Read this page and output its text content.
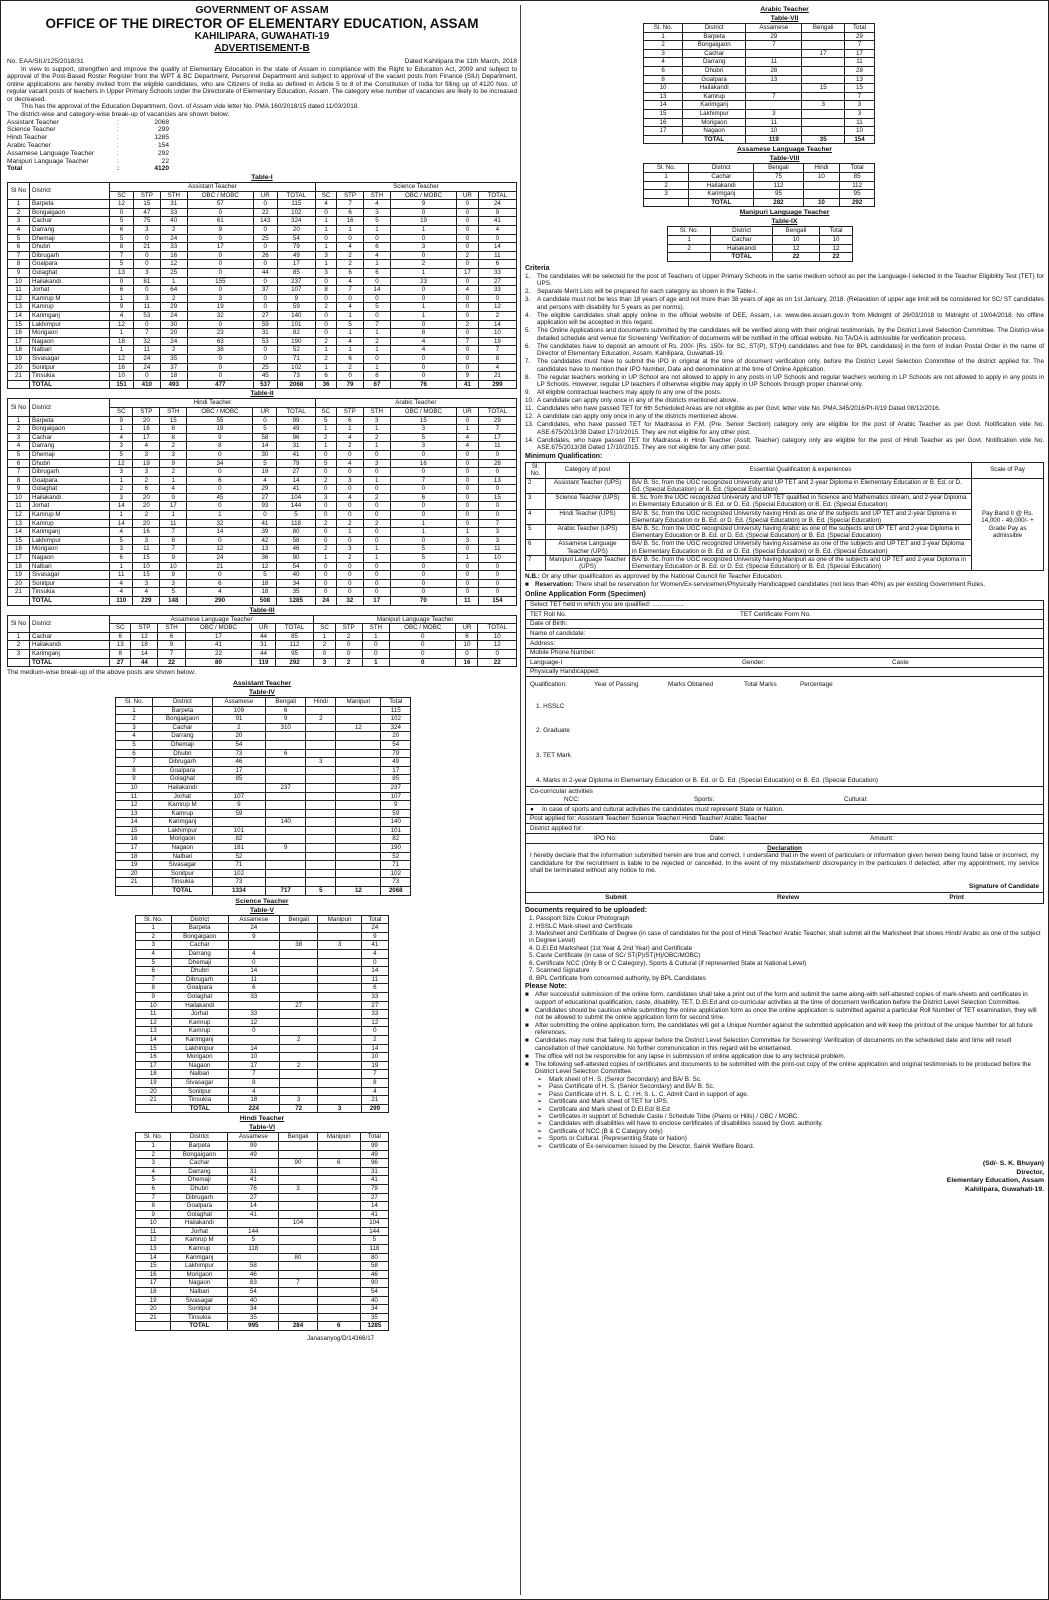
GOVERNMENT OF ASSAM
OFFICE OF THE DIRECTOR OF ELEMENTARY EDUCATION, ASSAM
KAHILIPARA, GUWAHATI-19
ADVERTISEMENT-B
No. EAA/SIU/125/2018/31	Dated Kahilipara the 11th March, 2018

In view to support, strengthen and improve the quality of Elementary Education in the state of Assam in compliance with the Right to Education Act, 2009 and subject to approval of the Post-Based Roster Register from the WPT & BC Department, Personnel Department and subject to approval of the vacant posts from Finance (SIU) Department, online applications are hereby invited from the eligible candidates, who are Citizens of India as defined in Article 5 to 8 of the Constitution of India for filling up of 4120 Nos. of regular vacant posts of teachers in Upper Primary Schools under the Directorate of Elementary Education, Assam. The category wise number of vacancies are likely to be increased or decreased.

This has the approval of the Education Department, Govt. of Assam vide letter No. PMA.160/2018/15 dated 11/03/2018.

The district-wise and category-wise break-up of vacancies are shown below:
Assistant Teacher	:	2068
Science Teacher	:	299
Hindi Teacher	:	1285
Arabic Teacher	:	154
Assamese Language Teacher	:	292
Manipuri Language Teacher	:	22
Total	:	4120
Table-I
Sl No	District	Assistant Teacher						Science Teacher					
		SC	STP	STH	OBC / MOBC	UR	TOTAL	SC	STP	STH	OBC / MOBC	UR	TOTAL
1	Barpeta	12	15	31	57	0	115	4	7	4	9	0	24
2	Bongaigaon	0	47	33	0	22	102	0	6	3	0	0	9
3	Cachar	5	75	40	61	143	324	1	16	5	19	0	41
4	Darrang	6	3	2	9	0	20	1	1	1	1	0	4
5	Dhemaji	5	0	24	0	25	54	0	0	0	0	0	0
6	Dhubri	8	21	33	17	0	79	1	4	6	3	0	14
7	Dibrugarh	7	0	16	0	26	49	3	2	4	0	2	11
8	Goalpara	5	0	12	0	0	17	1	2	1	2	0	6
9	Golaghat	13	3	25	0	44	85	3	6	6	1	17	33
10	Hailakandi	0	81	1	155	0	237	0	4	0	23	0	27
11	Jorhat	6	0	64	0	37	107	8	7	14	0	4	33
12	Kamrup M	1	3	2	3	0	9	0	0	0	0	0	0
13	Kamrup	9	11	29	19	0	59	2	4	5	1	0	12
14	Karimganj	4	53	24	32	27	140	0	1	0	1	0	2
15	Lakhimpur	12	0	30	0	59	101	0	5	7	0	2	14
16	Morigaon	1	7	20	23	31	82	0	1	1	8	0	10
17	Nagaon	18	32	24	63	53	190	2	4	2	4	7	19
18	Nalbari	1	11	2	38	0	52	1	1	1	4	0	7
19	Sivasagar	12	24	35	0	0	71	2	6	0	0	0	8
20	Sonitpur	16	24	37	0	25	102	1	2	1	0	0	4
21	Tinsukia	10	0	18	0	45	73	6	0	6	0	9	21
	TOTAL	151	410	493	477	537	2068	36	79	67	76	41	299
Table-II
Sl No	District	Hindi Teacher						Arabic Teacher					
		SC	STP	STH	OBC / MOBC	UR	TOTAL	SC	STP	STH	OBC / MOBC	UR	TOTAL
1	Barpeta	9	20	15	55	0	99	5	6	3	15	0	29
2	Bongaigaon	1	16	8	19	5	49	1	1	1	3	1	7
3	Cachar	4	17	8	9	58	96	2	4	2	5	4	17
4	Darrang	3	4	2	8	14	31	1	2	1	3	4	11
5	Dhemaji	5	3	3	0	30	41	0	0	0	0	0	0
6	Dhubri	12	19	9	34	5	79	5	4	3	16	0	28
7	Dibrugarh	3	3	2	0	19	27	0	0	0	0	0	0
8	Goalpara	1	2	1	6	4	14	2	3	1	7	0	13
9	Golaghat	2	6	4	0	29	41	0	0	0	0	0	0
10	Hailakandi	3	20	9	45	27	104	3	4	2	6	0	15
11	Jorhat	14	20	17	0	93	144	0	0	0	0	0	0
12	Kamrup M	1	2	1	1	0	5	0	0	0	0	0	0
13	Kamrup	14	20	11	32	41	118	2	2	2	1	0	7
14	Karimganj	4	16	7	14	39	80	0	1	0	1	1	3
15	Lakhimpur	5	3	8	0	42	58	0	0	0	0	3	3
16	Morigaon	3	11	7	12	13	46	2	3	1	5	0	11
17	Nagaon	6	15	9	24	36	90	1	2	1	5	1	10
18	Nalbari	1	10	10	21	12	54	0	0	0	0	0	0
19	Sivasagar	11	15	9	0	5	40	0	0	0	0	0	0
20	Sonitpur	4	3	3	6	18	34	0	0	0	0	0	0
21	Tinsukia	4	4	5	4	18	35	0	0	0	0	0	0
	TOTAL	110	229	148	290	508	1285	24	32	17	70	11	154
Table-III
Sl No	District	Assamese Language Teacher						Manipuri Language Teacher					
		SC	STP	STH	OBC / MOBC	UR	TOTAL	SC	STP	STH	OBC / MOBC	UR	TOTAL
1	Cachar	6	12	6	17	44	85	1	2	1	0	6	10
2	Hailakandi	13	18	9	41	31	112	2	0	0	0	10	12
3	Karimganj	8	14	7	22	44	95	0	0	0	0	0	0
	TOTAL	27	44	22	80	119	292	3	2	1	0	16	22
The medium-wise break-up of the above posts are shown below:
Assistant Teacher
Table-IV
Sl. No.	District	Assamese	Bengali	Hindi	Manipuri	Total
1	Barpeta	109	6			115
2	Bongaigaon	91	9	2		102
3	Cachar	2	310		12	324
4	Darrang	20				20
5	Dhemaji	54				54
6	Dhubri	73	6			79
7	Dibrugarh	46		3		49
8	Goalpara	17				17
9	Golaghat	85				85
10	Hailakandi		237			237
11	Jorhat	107				107
12	Kamrup M	9				9
13	Kamrup	59				59
14	Karimganj		140			140
15	Lakhimpur	101				101
16	Morigaon	82				82
17	Nagaon	181	9			190
18	Nalbari	52				52
19	Sivasagar	71				71
20	Sonitpur	102				102
21	Tinsukia	73				73
	TOTAL	1334	717	5	12	2068
Science Teacher
Table-V
Sl. No.	District	Assamese	Bengali	Manipuri	Total
1	Barpeta	24			24
2	Bongaigaon	9			9
3	Cachar		38	3	41
4	Darrang	4			4
5	Dhemaji	0			0
6	Dhubri	14			14
7	Dibrugarh	11			11
8	Goalpara	6			6
9	Golaghat	33			33
10	Hailakandi		27		27
11	Jorhat	33			33
12	Kamrup	12			12
13	Kamrup	0			0
14	Karimganj		2		2
15	Lakhimpur	14			14
16	Morigaon	10			10
17	Nagaon	17	2		19
18	Nalbari	7			7
19	Sivasagar	8			8
20	Sonitpur	4			4
21	Tinsukia	18	3		21
	TOTAL	224	72	3	299
Hindi Teacher
Table-VI
Sl. No.	District	Assamese	Bengali	Manipuri	Total
1	Barpeta	99			99
2	Bongaigaon	49			49
3	Cachar		90	6	96
4	Darrang	31			31
5	Dhemaji	41			41
6	Dhubri	76	3		79
7	Dibrugarh	27			27
8	Goalpara	14			14
9	Golaghat	41			41
10	Hailakandi		104		104
11	Jorhat	144			144
12	Kamrup M	5			5
13	Kamrup	118			118
14	Karimganj		80		80
15	Lakhimpur	58			58
16	Morigaon	46			46
17	Nagaon	83	7		90
18	Nalbari	54			54
19	Sivasagar	40			40
20	Sonitpur	34			34
21	Tinsukia	35			35
	TOTAL	995	284	6	1285
Janasanyog/D/14366/17
Arabic Teacher
Table-VII
Sl. No.	District	Assamese	Bengali	Total
1	Barpeta	29		29
2	Bongaigaon	7		7
3	Cachar		17	17
4	Darrang	11		11
6	Dhubri	28		28
8	Goalpara	13		13
10	Hailakandi		15	15
13	Kamrup	7		7
14	Karimganj		3	3
15	Lakhimpur	3		3
16	Morigaon	11		11
17	Nagaon	10		10
	TOTAL	119	35	154
Assamese Language Teacher
Table-VIII
Sl. No.	District	Bengali	Hindi	Total
1	Cachar	75	10	85
2	Hailakandi	112		112
3	Karimganj	95		95
	TOTAL	282	10	292
Manipuri Language Teacher
Table-IX
Sl. No.	District	Bengali	Total
1	Cachar	10	10
2	Hailakandi	12	12
	TOTAL	22	22
Criteria
1.	The candidates will be selected for the post of Teachers of Upper Primary Schools in the same medium school as per the Language-I selected in the Teacher Eligibility Test (TET) for UPS.
2.	Separate Merit Lists will be prepared for each category as shown in the Table-I.
3.	A candidate must not be less than 18 years of age and not more than 38 years of age as on 1st January, 2018. (Relaxation of upper age limit will be considered for SC/ ST candidates and persons with disability for 5 years as per norms).
4.	The eligible candidates shall apply online in the official website of DEE, Assam, i.e. www.dee.assam.gov.in from Midnight of 26/03/2018 to Midnight of 19/04/2018. No offline application will be accepted in this regard.
5.	The Online Applications and documents submitted by the candidates will be verified along with their original testimonials, by the District Level Selection Committee. The District-wise detailed schedule and venue for Screening/ Verification of documents will be notified in the official website. No TA/DA is admissible for verification process.
6.	The candidates have to deposit an amount of Rs. 200/- [Rs. 150/- for SC, ST(P), ST(H) candidates and free for BPL candidates] in the form of Indian Postal Order in the name of Director of Elementary Education, Assam, Kahilipara, Guwahati-19.
7.	The candidates must have to submit the IPO in original at the time of document verification only, before the District Level Selection Committee of the district applied for. The candidates have to mention their IPO Number, Date and denomination at the time of Online Application.
8.	The regular teachers working in UP School are not allowed to apply in any posts in UP Schools and regular teachers working in LP Schools are not allowed to apply in any posts in LP Schools. However, regular LP teachers if otherwise eligible may apply in UP Schools through proper channel only.
9.	All eligible contractual teachers may apply to any one of the posts.
10. A candidate can apply only once in any of the districts mentioned above.
11. Candidates who have passed TET for 6th Scheduled Areas are not eligible as per Govt. letter vide No. PMA.345/2016/Pt-II/19 Dated 08/12/2016.
12. A candidate can apply only once in any of the districts mentioned above.
13. Candidates, who have passed TET for Madrassa in F.M. (Pre. Senior Section) category only are eligible for the post of Arabic Teacher as per Govt. Notification vide No. ASE.675/2013/38 Dated 17/10/2015. They are not eligible for any other post.
14. Candidates, who have passed TET for Madrassa in Hindi Teacher (Asstt. Teacher) category only are eligible for the post of Hindi Teacher as per Govt. Notification vide No. ASE.675/2013/38 Dated 17/10/2015. They are not eligible for any other post.
Minimum Qualification:
Sl. No.	Category of post	Essential Qualification & experiences	Scale of Pay
2	Assistant Teacher (UPS)	BA/ B. Sc. from the UGC recognized University and UP TET and 2-year Diploma in Elementary Education or B. Ed. or D. Ed. (Special Education) or B. Ed. (Special Education)	Pay Band II @ Rs. 14,000 - 49,000/- + Grade Pay as admissible
3	Science Teacher (UPS)	B. Sc. from the UGC recognized University and UP TET qualified in Science and Mathematics stream, and 2-year Diploma in Elementary Education or B. Ed. or D. Ed. (Special Education) or B. Ed. (Special Education)	
4	Hindi Teacher (UPS)	BA/ B. Sc. from the UGC recognized University having Hindi as one of the subjects and UP TET and 2-year Diploma in Elementary Education or B. Ed. or D. Ed. (Special Education) or B. Ed. (Special Education)	
5	Arabic Teacher (UPS)	BA/ B. Sc. from the UGC recognized University having Arabic as one of the subjects and UP TET and 2-year Diploma in Elementary Education or B. Ed. or D. Ed. (Special Education) or B. Ed. (Special Education)	
6	Assamese Language Teacher (UPS)	BA/ B. Sc. from the UGC recognized University having Assamese as one of the subjects and UP TET and 2-year Diploma in Elementary Education or B. Ed. or D. Ed. (Special Education) or B. Ed. (Special Education)	
7	Manipuri Language Teacher (UPS)	BA/ B. Sc. from the UGC recognized University having Manipuri as one of the subjects and UP TET and 2-year Diploma in Elementary Education or B. Ed. or D. Ed. (Special Education) or B. Ed. (Special Education)	
N.B.: Or any other qualification as approved by the National Council for Teacher Education.
■ Reservation: There shall be reservation for Women/Ex-servicemen/Physically Handicapped candidates (not less than 40%) as per existing Government Rules.
Online Application Form (Specimen)
Select TET held in which you are qualified: ..................
TET Roll No.	TET Certificate Form No.
Date of Birth:
Name of candidate:
Address:
Mobile Phone Number:
Language-I	Gender:	Caste
Physically Handicapped:
Qualification:	Year of Passing	Marks Obtained	Total Marks	Percentage
1. HSSLC
2. Graduate
3. TET Mark
4. Marks in 2-year Diploma in Elementary Education or B. Ed. or D. Ed. (Special Education) or B. Ed. (Special Education)
Co-curricular activities
NCC:	Sports:	Cultural:
●	In case of sports and cultural activities the candidates must represent State or Nation.
Post applied for: Assistant Teacher/ Science Teacher/ Hindi Teacher/ Arabic Teacher
District applied for:
IPO No:	Date:	Amount:
Declaration
I hereby declare that the information submitted herein are true and correct. I understand that in the event of particulars or information given herein being found false or incorrect, my candidature for the recruitment is liable to be rejected or cancelled. In the event of my misstatement/ discrepancy in the particulars if detected, after my appointment, my service shall be terminated without any notice to me.
Signature of Candidate
Submit	Review	Print
Documents required to be uploaded:
1. Passport Size Colour Photograph
2. HSSLC Mark-sheet and Certificate
3. Marksheet and Certificate of Degree (in case of candidates for the post of Hindi Teacher/ Arabic Teacher, shall submit all the Marksheet that shows Hindi/ Arabic as one of the subject in Degree Level)
4. D.El.Ed Marksheet (1st Year & 2nd Year) and Certificate
5. Caste Certificate (in case of SC/ ST(P)/ST(H)/OBC/MOBC)
6. Certificate NCC (Only B or C Category), Sports & Cultural (if represented State at National Level)
7. Scanned Signature
8. BPL Certificate from concerned authority, by BPL Candidates
Please Note:
■ After successful submission of the online form, candidates shall take a print out of the form and submit the same along-with self-attested copies of mark-sheets and certificates in support of educational qualification, caste, disability, TET, D.El.Ed and co-curricular activities at the time of document verification before the District Level Selection Committee.
■ Candidates should be cautious while submitting the online application form as once the online application is submitted against a particular Roll Number of TET examination, they will not be allowed to submit the online application form for second time.
■ After submitting the online application form, the candidates will get a Unique Number against the submitted application and will keep the printout of the unique Number for all future references.
■ Candidates may note that failing to appear before the District Level Selection Committee for Screening/ Verification of documents on the scheduled date and time will result cancellation of their candidature. No further communication in this regard will be entertained.
■ The office will not be responsible for any lapse in submission of online application due to any technical problem.
■ The following self-attested copies of certificates and documents to be submitted with the print-out copy of the online application and original testimonials to be produced before the District Level Selection Committee.
➢	Mark sheet of H. S. (Senior Secondary) and BA/ B. Sc.
➢	Pass Certificate of H. S. (Senior Secondary) and BA/ B. Sc.
➢	Pass Certificate of H. S. L. C. / H. S. L. C. Admit Card in support of age.
➢	Certificate and Mark sheet of TET for UPS.
➢	Certificate and Mark sheet of D.El.Ed/ B.Ed
➢	Certificates in support of Schedule Caste / Schedule Tribe (Plains or Hills) / OBC / MOBC.
➢	Candidates with disabilities will have to enclose certificates of disabilities issued by Govt. authority.
➢	Certificate of NCC (B & C Category only)
➢	Sports or Cultural. (Representing State or Nation)
➢	Certificate of Ex-servicemen issued by the Director, Sainik Welfare Board.
(Sd/- S. K. Bhuyan)
Director,
Elementary Education, Assam
Kahilipara, Guwahati-19.
